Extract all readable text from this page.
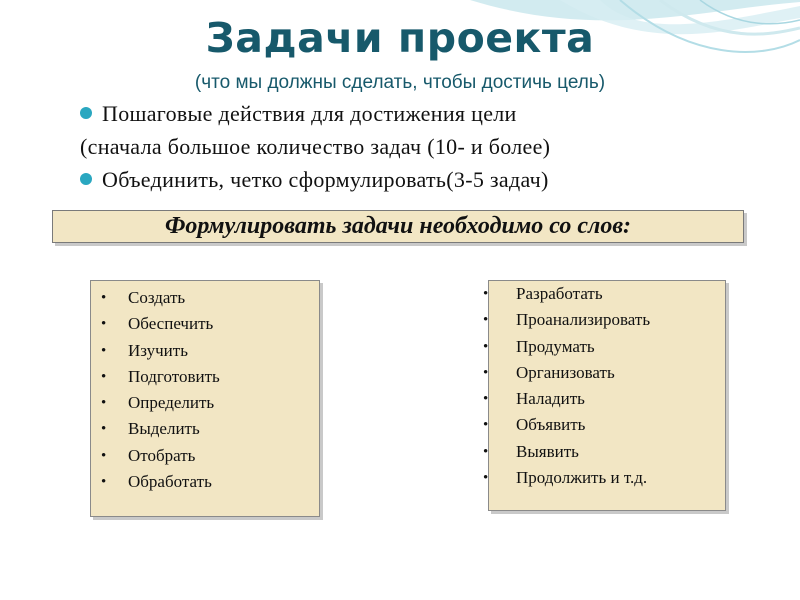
Задачи проекта
(что мы должны сделать, чтобы достичь цель)
Пошаговые действия для достижения цели
(сначала большое количество задач (10- и более)
Объединить, четко сформулировать(3-5 задач)
Формулировать задачи необходимо со слов:
• Создать
• Обеспечить
• Изучить
• Подготовить
• Определить
• Выделить
• Отобрать
• Обработать
• Разработать
• Проанализировать
• Продумать
• Организовать
• Наладить
• Объявить
• Выявить
• Продолжить и т.д.
